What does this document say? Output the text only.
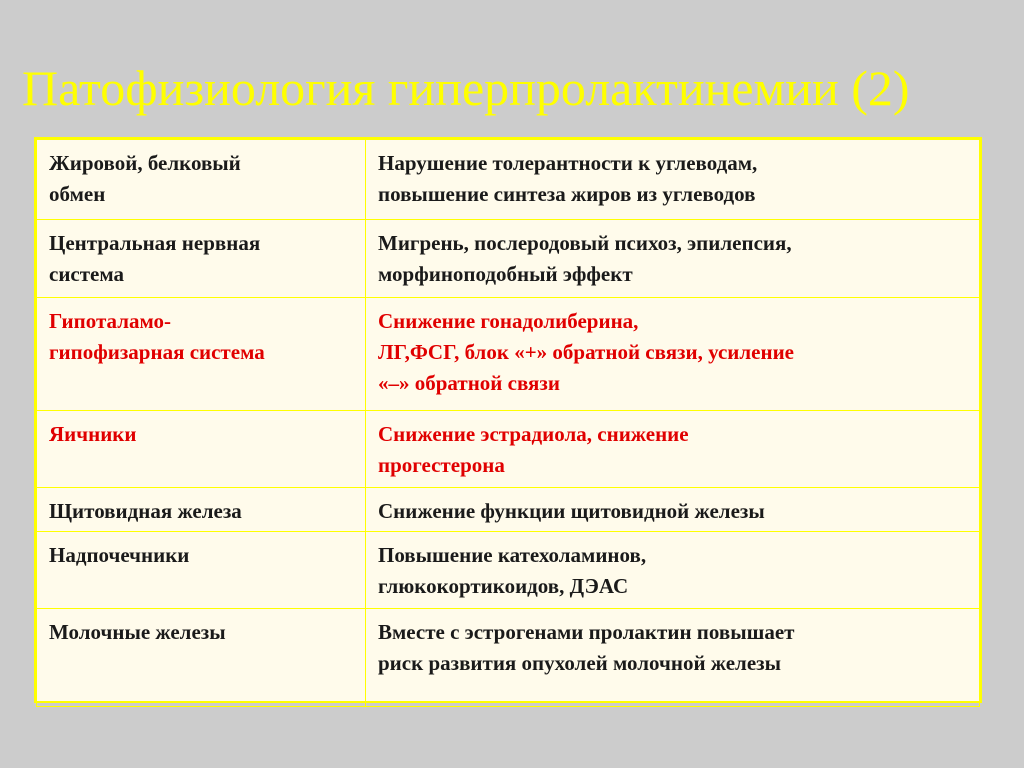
Патофизиология гиперпролактинемии (2)
Жировой, белковый
обмен	Нарушение толерантности к углеводам,
повышение синтеза жиров из углеводов

Центральная нервная
система	Мигрень, послеродовый психоз, эпилепсия,
морфиноподобный эффект

Гипоталамо-
гипофизарная система	Снижение гонадолиберина,
ЛГ,ФСГ, блок «+» обратной связи, усиление
«–» обратной связи

Яичники	Снижение эстрадиола, снижение
прогестерона

Щитовидная железа	Снижение функции щитовидной железы

Надпочечники	Повышение катехоламинов,
глюкокортикоидов, ДЭАС

Молочные железы	Вместе с эстрогенами пролактин повышает
риск развития опухолей молочной железы
